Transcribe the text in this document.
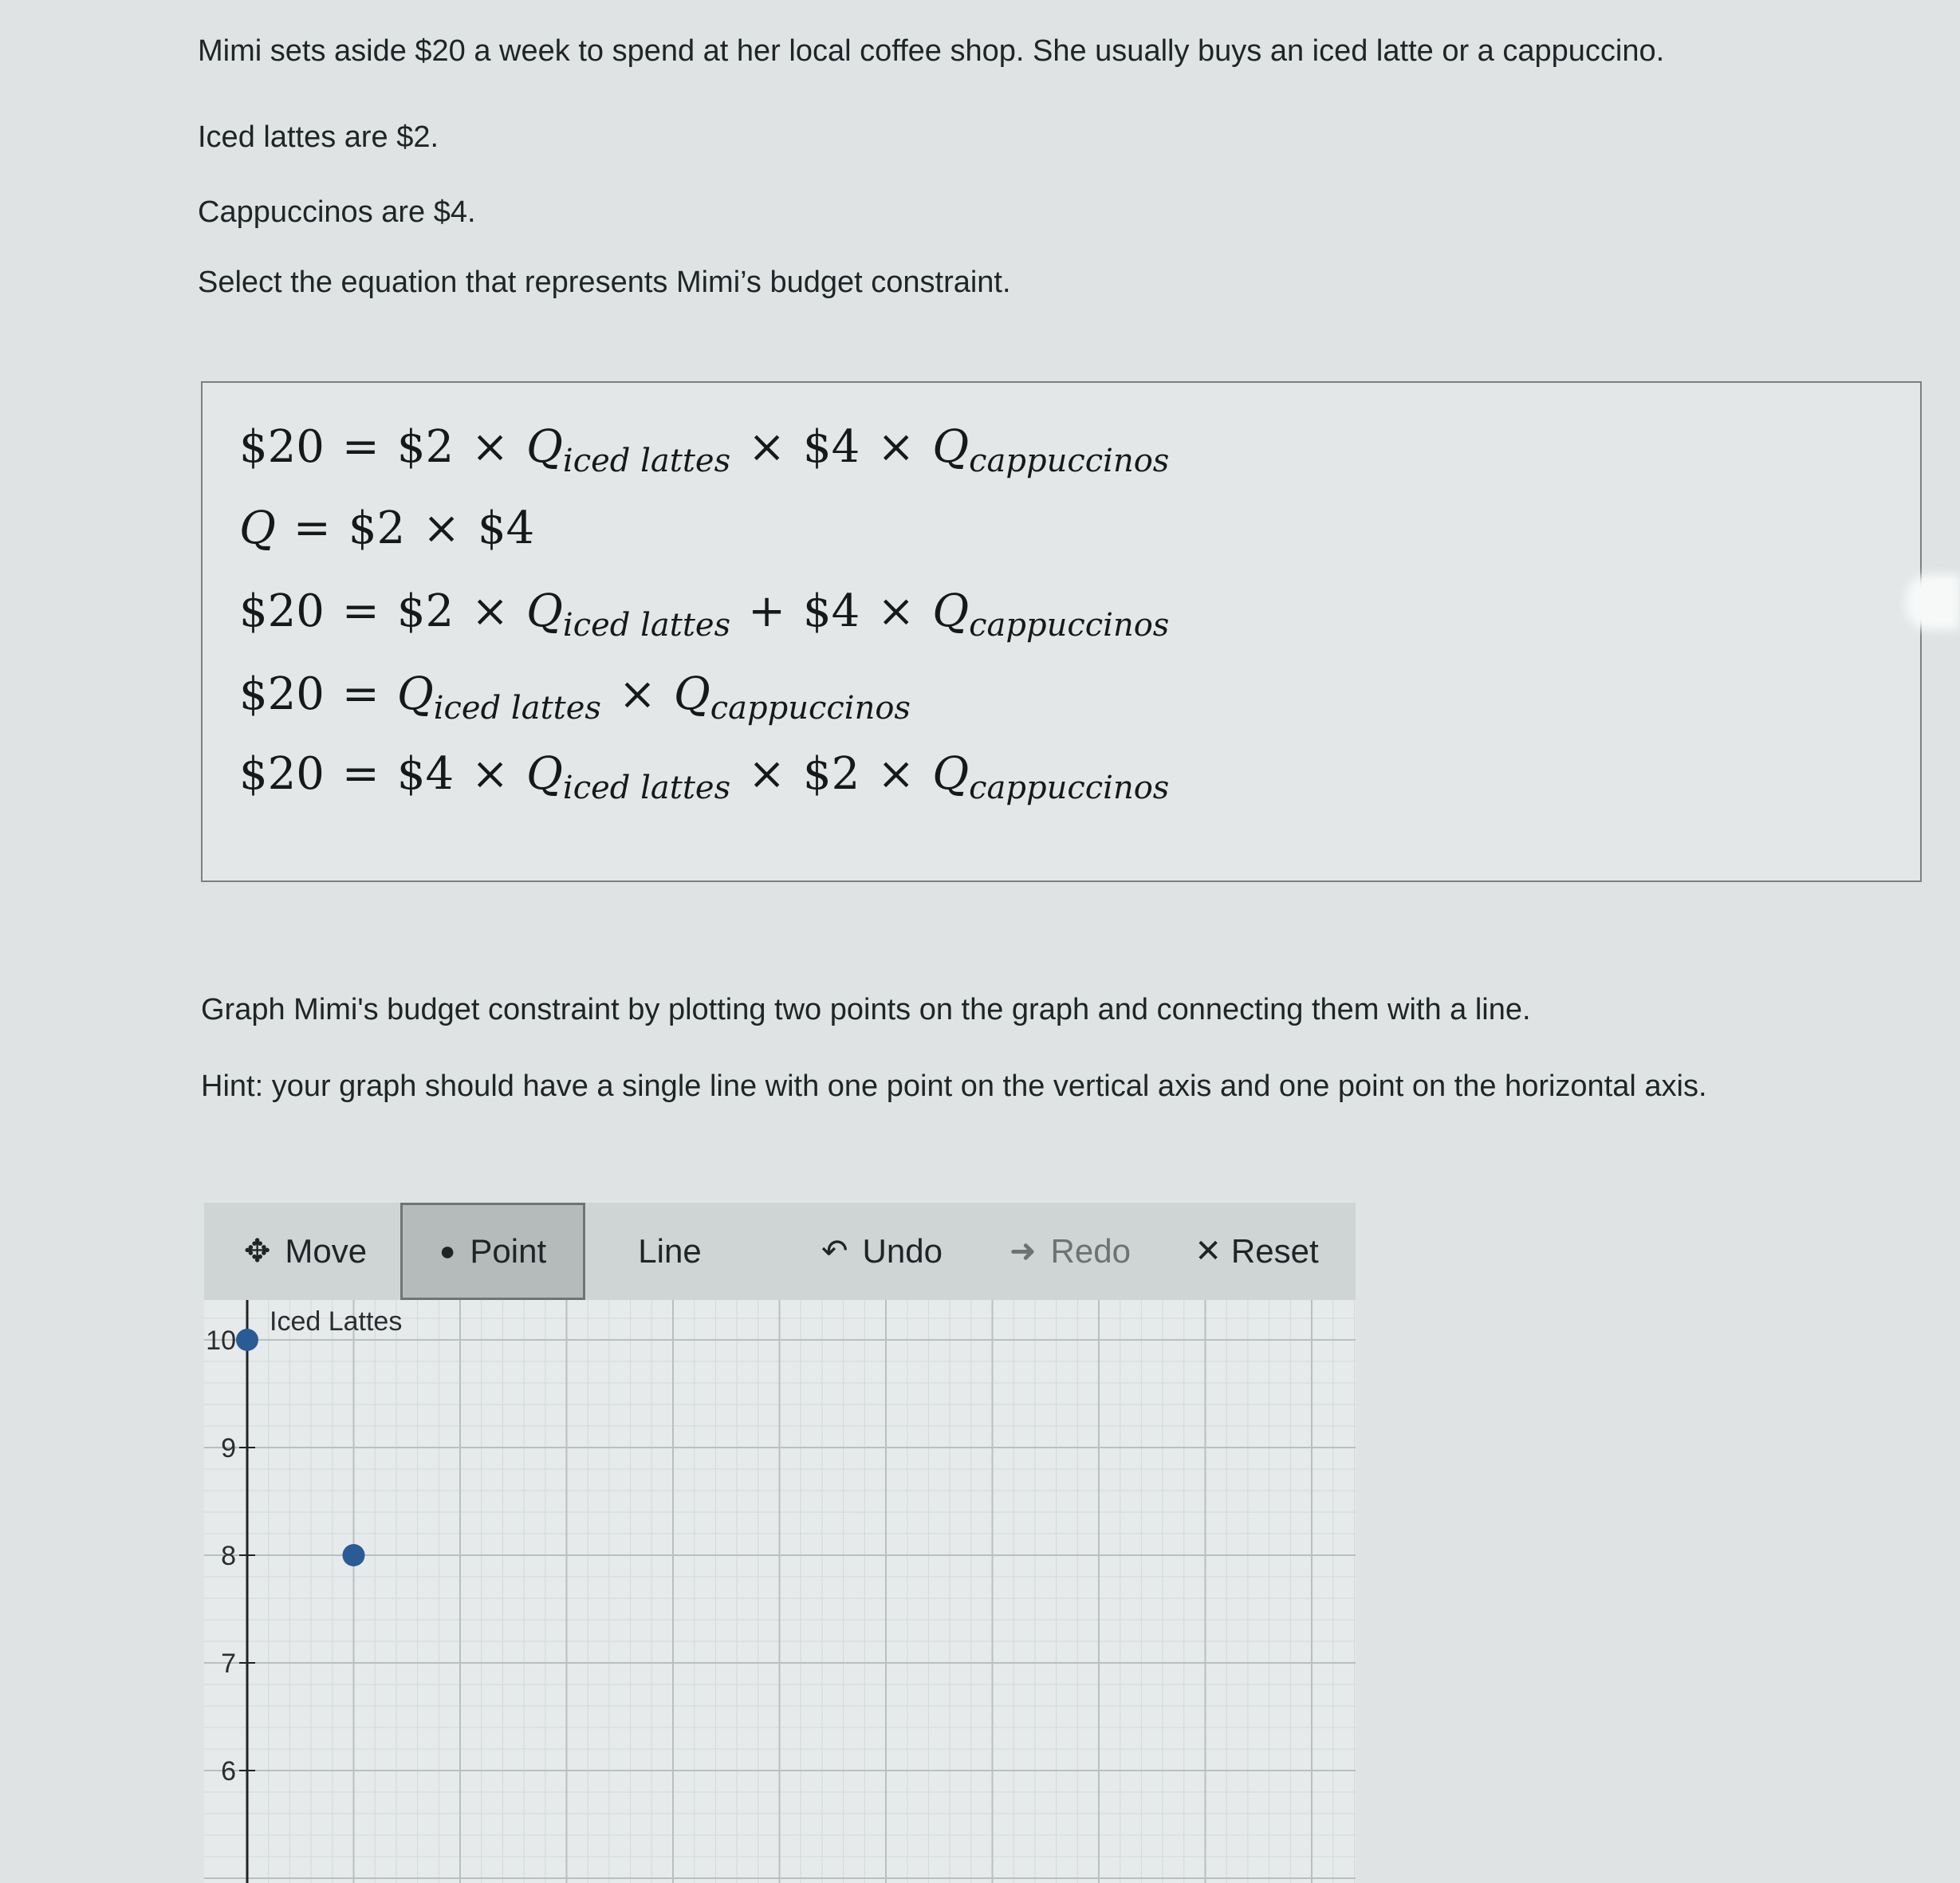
Mimi sets aside $20 a week to spend at her local coffee shop. She usually buys an iced latte or a cappuccino.

Iced lattes are $2.

Cappuccinos are $4.

Select the equation that represents Mimi’s budget constraint.

$20 = $2 × $Q_{iced lattes}$ × $4 × $Q_{cappuccinos}$
Q = $2 × $4
$20 = $2 × $Q_{iced lattes}$ + $4 × $Q_{cappuccinos}$
$20 = $Q_{iced lattes} \times Q_{cappuccinos}$
$20 = $4 × $Q_{iced lattes}$ × $2 × $Q_{cappuccinos}$

Graph Mimi's budget constraint by plotting two points on the graph and connecting them with a line.

Hint: your graph should have a single line with one point on the vertical axis and one point on the horizontal axis.

✥ Move	● Point	Line	↶ Undo ➜ Redo ✕ Reset
10
9
8
7
6
Iced Lattes
